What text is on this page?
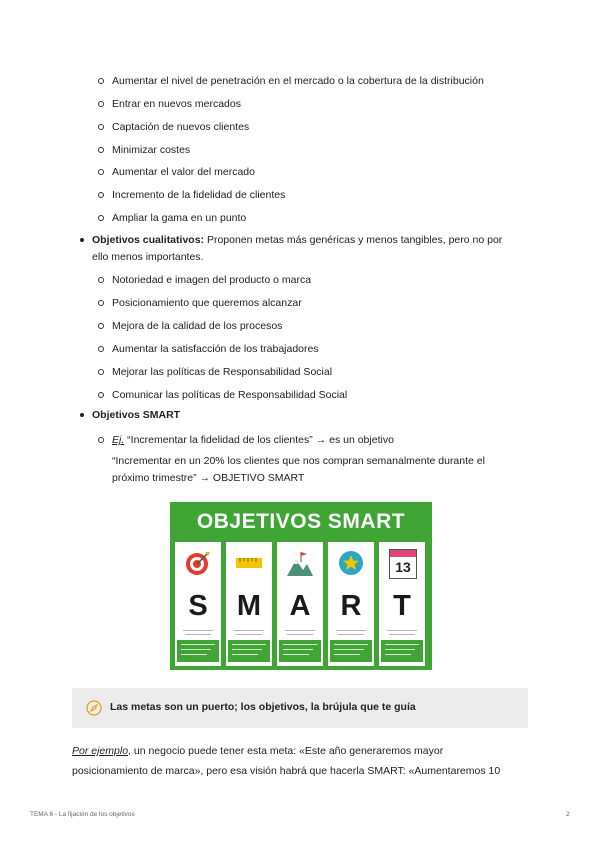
Aumentar el nivel de penetración en el mercado o la cobertura de la distribución
Entrar en nuevos mercados
Captación de nuevos clientes
Minimizar costes
Aumentar el valor del mercado
Incremento de la fidelidad de clientes
Ampliar la gama en un punto
Objetivos cualitativos: Proponen metas más genéricas y menos tangibles, pero no por
ello menos importantes.
Notoriedad e imagen del producto o marca
Posicionamiento que queremos alcanzar
Mejora de la calidad de los procesos
Aumentar la satisfacción de los trabajadores
Mejorar las políticas de Responsabilidad Social
Comunicar las políticas de Responsabilidad Social
Objetivos SMART
Ej. “Incrementar la fidelidad de los clientes” → es un objetivo
“Incrementar en un 20% los clientes que nos compran semanalmente durante el
próximo trimestre” → OBJETIVO SMART
OBJETIVOS SMART
S	M A	R
13
T
Las metas son un puerto; los objetivos, la brújula que te guía
Por ejemplo, un negocio puede tener esta meta: «Este año generaremos mayor
posicionamiento de marca», pero esa visión habrá que hacerla SMART: «Aumentaremos 10
TEMA 6 - La fijación de los objetivos	2
